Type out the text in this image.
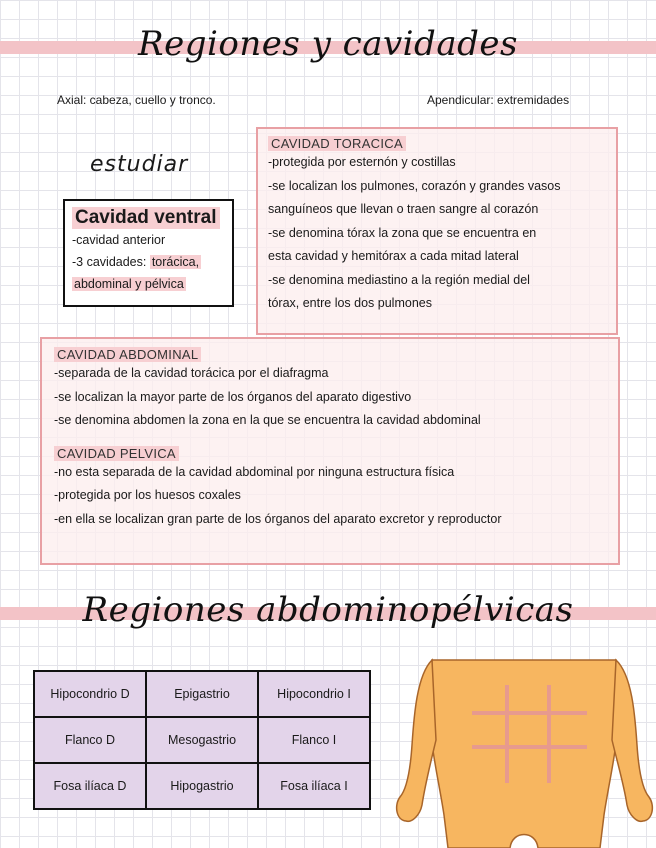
Regiones y cavidades
Axial: cabeza, cuello y tronco.	Apendicular: extremidades
estudiar
Cavidad ventral
-cavidad anterior
-3 cavidades: torácica,
abdominal y pélvica
CAVIDAD TORACICA
-protegida por esternón y costillas
-se localizan los pulmones, corazón y grandes vasos
sanguíneos que llevan o traen sangre al corazón
-se denomina tórax la zona que se encuentra en
esta cavidad y hemitórax a cada mitad lateral
-se denomina mediastino a la región medial del
tórax, entre los dos pulmones
CAVIDAD ABDOMINAL
-separada de la cavidad torácica por el diafragma
-se localizan la mayor parte de los órganos del aparato digestivo
-se denomina abdomen la zona en la que se encuentra la cavidad abdominal
CAVIDAD PELVICA
-no esta separada de la cavidad abdominal por ninguna estructura física
-protegida por los huesos coxales
-en ella se localizan gran parte de los órganos del aparato excretor y reproductor
Regiones abdominopélvicas
Hipocondrio D	Epigastrio	Hipocondrio I
Flanco D	Mesogastrio	Flanco I
Fosa ilíaca D	Hipogastrio	Fosa ilíaca I
